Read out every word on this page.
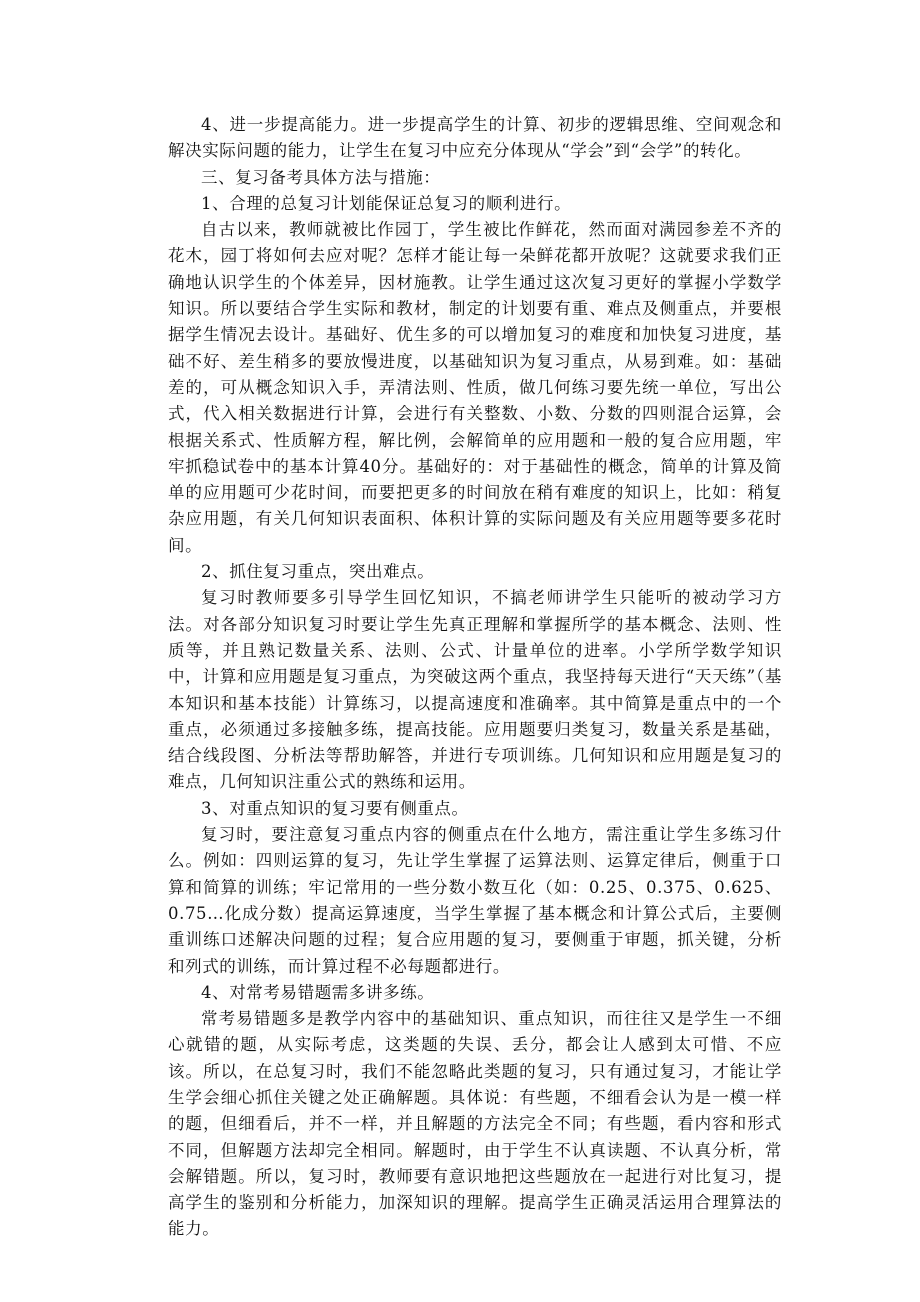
4、进一步提高能力。进一步提高学生的计算、初步的逻辑思维、空间观念和解决实际问题的能力，让学生在复习中应充分体现从“学会”到“会学”的转化。

三、复习备考具体方法与措施：

1、合理的总复习计划能保证总复习的顺利进行。

自古以来，教师就被比作园丁，学生被比作鲜花，然而面对满园参差不齐的花木，园丁将如何去应对呢？怎样才能让每一朵鲜花都开放呢？这就要求我们正确地认识学生的个体差异，因材施教。让学生通过这次复习更好的掌握小学数学知识。所以要结合学生实际和教材，制定的计划要有重、难点及侧重点，并要根据学生情况去设计。基础好、优生多的可以增加复习的难度和加快复习进度，基础不好、差生稍多的要放慢进度，以基础知识为复习重点，从易到难。如：基础差的，可从概念知识入手，弄清法则、性质，做几何练习要先统一单位，写出公式，代入相关数据进行计算，会进行有关整数、小数、分数的四则混合运算，会根据关系式、性质解方程，解比例，会解简单的应用题和一般的复合应用题，牢牢抓稳试卷中的基本计算40分。基础好的：对于基础性的概念，简单的计算及简单的应用题可少花时间，而要把更多的时间放在稍有难度的知识上，比如：稍复杂应用题，有关几何知识表面积、体积计算的实际问题及有关应用题等要多花时间。

2、抓住复习重点，突出难点。

复习时教师要多引导学生回忆知识，不搞老师讲学生只能听的被动学习方法。对各部分知识复习时要让学生先真正理解和掌握所学的基本概念、法则、性质等，并且熟记数量关系、法则、公式、计量单位的进率。小学所学数学知识中，计算和应用题是复习重点，为突破这两个重点，我坚持每天进行“天天练”（基本知识和基本技能）计算练习，以提高速度和准确率。其中简算是重点中的一个重点，必须通过多接触多练，提高技能。应用题要归类复习，数量关系是基础，结合线段图、分析法等帮助解答，并进行专项训练。几何知识和应用题是复习的难点，几何知识注重公式的熟练和运用。

3、对重点知识的复习要有侧重点。

复习时，要注意复习重点内容的侧重点在什么地方，需注重让学生多练习什么。例如：四则运算的复习，先让学生掌握了运算法则、运算定律后，侧重于口算和简算的训练；牢记常用的一些分数小数互化（如：0.25、0.375、0.625、0.75…化成分数）提高运算速度，当学生掌握了基本概念和计算公式后，主要侧重训练口述解决问题的过程；复合应用题的复习，要侧重于审题，抓关键，分析和列式的训练，而计算过程不必每题都进行。

4、对常考易错题需多讲多练。

常考易错题多是教学内容中的基础知识、重点知识，而往往又是学生一不细心就错的题，从实际考虑，这类题的失误、丢分，都会让人感到太可惜、不应该。所以，在总复习时，我们不能忽略此类题的复习，只有通过复习，才能让学生学会细心抓住关键之处正确解题。具体说：有些题，不细看会认为是一模一样的题，但细看后，并不一样，并且解题的方法完全不同；有些题，看内容和形式不同，但解题方法却完全相同。解题时，由于学生不认真读题、不认真分析，常会解错题。所以，复习时，教师要有意识地把这些题放在一起进行对比复习，提高学生的鉴别和分析能力，加深知识的理解。提高学生正确灵活运用合理算法的能力。
